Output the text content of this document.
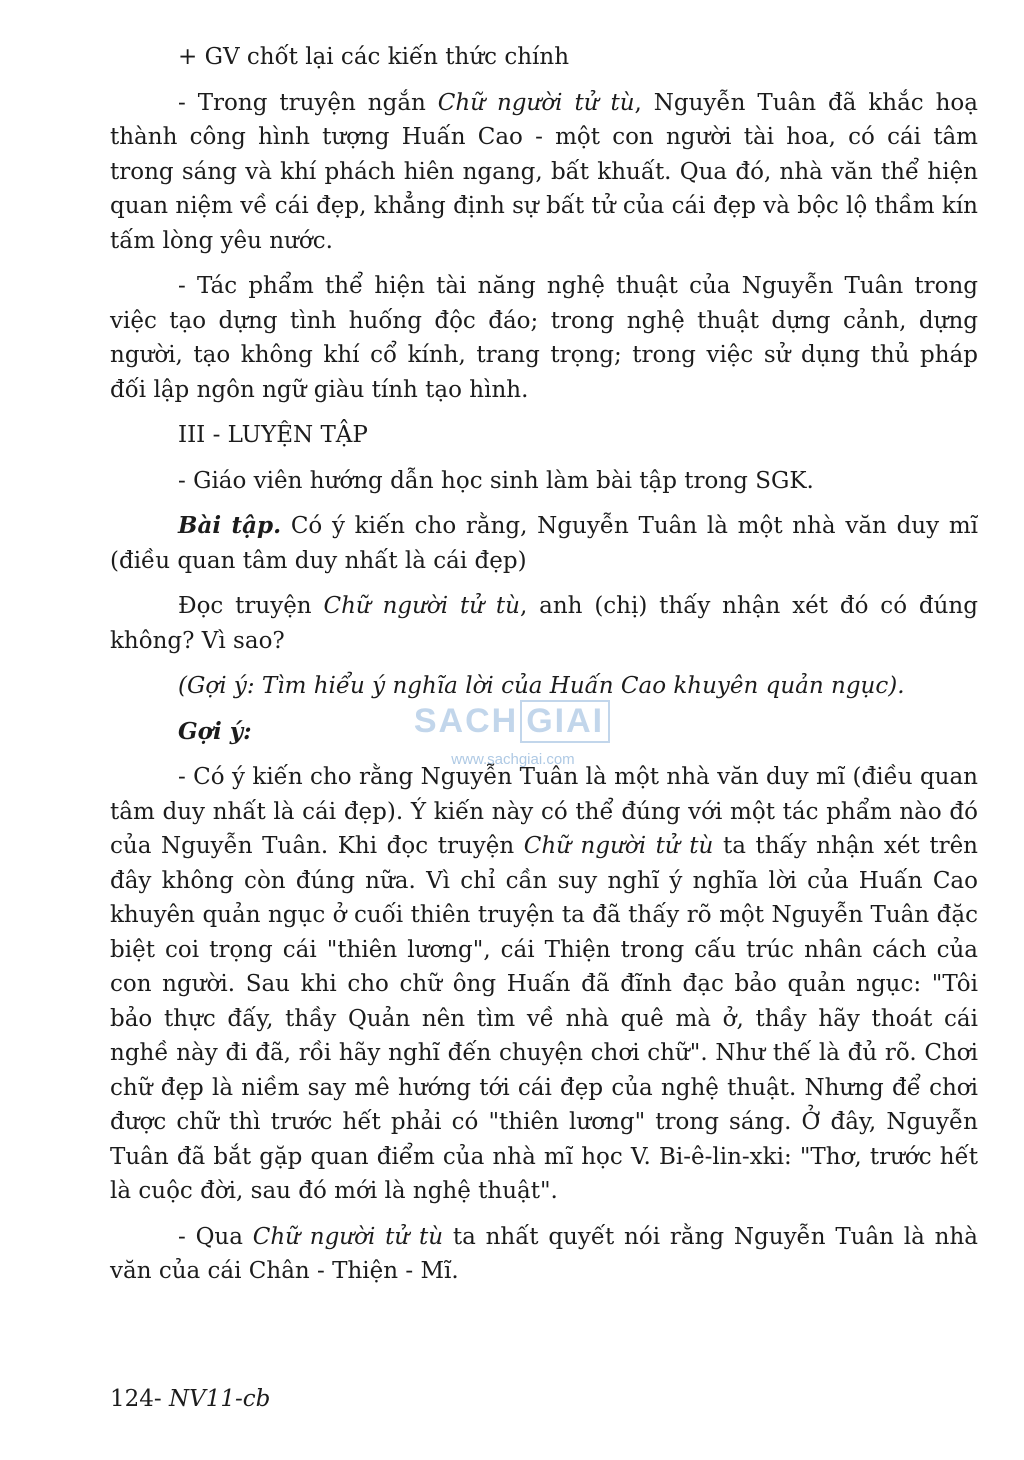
+ GV chốt lại các kiến thức chính

- Trong truyện ngắn Chữ người tử tù, Nguyễn Tuân đã khắc hoạ thành công hình tượng Huấn Cao - một con người tài hoa, có cái tâm trong sáng và khí phách hiên ngang, bất khuất. Qua đó, nhà văn thể hiện quan niệm về cái đẹp, khẳng định sự bất tử của cái đẹp và bộc lộ thầm kín tấm lòng yêu nước.

- Tác phẩm thể hiện tài năng nghệ thuật của Nguyễn Tuân trong việc tạo dựng tình huống độc đáo; trong nghệ thuật dựng cảnh, dựng người, tạo không khí cổ kính, trang trọng; trong việc sử dụng thủ pháp đối lập ngôn ngữ giàu tính tạo hình.

III - LUYỆN TẬP

- Giáo viên hướng dẫn học sinh làm bài tập trong SGK.

Bài tập. Có ý kiến cho rằng, Nguyễn Tuân là một nhà văn duy mĩ (điều quan tâm duy nhất là cái đẹp)

Đọc truyện Chữ người tử tù, anh (chị) thấy nhận xét đó có đúng không? Vì sao?

(Gợi ý: Tìm hiểu ý nghĩa lời của Huấn Cao khuyên quản ngục).

Gợi ý:

- Có ý kiến cho rằng Nguyễn Tuân là một nhà văn duy mĩ (điều quan tâm duy nhất là cái đẹp). Ý kiến này có thể đúng với một tác phẩm nào đó của Nguyễn Tuân. Khi đọc truyện Chữ người tử tù ta thấy nhận xét trên đây không còn đúng nữa. Vì chỉ cần suy nghĩ ý nghĩa lời của Huấn Cao khuyên quản ngục ở cuối thiên truyện ta đã thấy rõ một Nguyễn Tuân đặc biệt coi trọng cái "thiên lương", cái Thiện trong cấu trúc nhân cách của con người. Sau khi cho chữ ông Huấn đã đĩnh đạc bảo quản ngục: "Tôi bảo thực đấy, thầy Quản nên tìm về nhà quê mà ở, thầy hãy thoát cái nghề này đi đã, rồi hãy nghĩ đến chuyện chơi chữ". Như thế là đủ rõ. Chơi chữ đẹp là niềm say mê hướng tới cái đẹp của nghệ thuật. Nhưng để chơi được chữ thì trước hết phải có "thiên lương" trong sáng. Ở đây, Nguyễn Tuân đã bắt gặp quan điểm của nhà mĩ học V. Bi-ê-lin-xki: "Thơ, trước hết là cuộc đời, sau đó mới là nghệ thuật".

- Qua Chữ người tử tù ta nhất quyết nói rằng Nguyễn Tuân là nhà văn của cái Chân - Thiện - Mĩ.

SACH GIAI
www.sachgiai.com
124- NV11-cb
